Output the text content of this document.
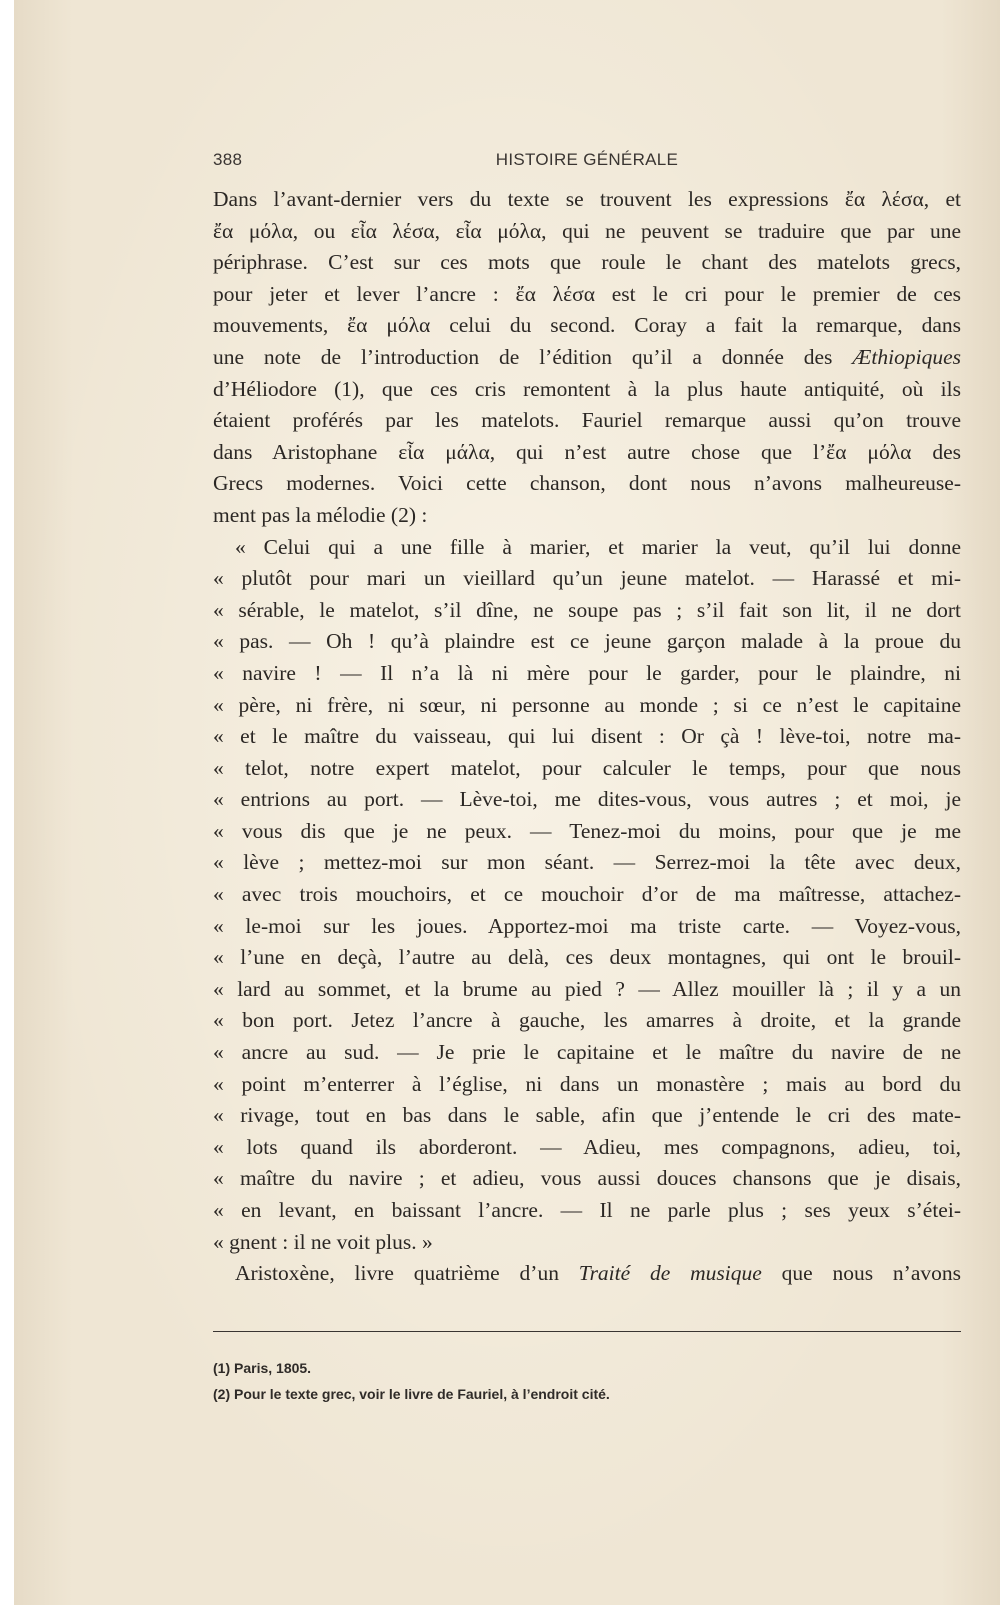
388	HISTOIRE GÉNÉRALE
Dans l’avant-dernier vers du texte se trouvent les expressions ἔα λέσα, et
ἔα μόλα, ou εἶα λέσα, εἶα μόλα, qui ne peuvent se traduire que par une
périphrase. C’est sur ces mots que roule le chant des matelots grecs,
pour jeter et lever l’ancre : ἔα λέσα est le cri pour le premier de ces
mouvements, ἔα μόλα celui du second. Coray a fait la remarque, dans
une note de l’introduction de l’édition qu’il a donnée des Æthiopiques
d’Héliodore (1), que ces cris remontent à la plus haute antiquité, où ils
étaient proférés par les matelots. Fauriel remarque aussi qu’on trouve
dans Aristophane εἶα μάλα, qui n’est autre chose que l’ἔα μόλα des
Grecs modernes. Voici cette chanson, dont nous n’avons malheureuse-
ment pas la mélodie (2) :
« Celui qui a une fille à marier, et marier la veut, qu’il lui donne
« plutôt pour mari un vieillard qu’un jeune matelot. — Harassé et mi-
« sérable, le matelot, s’il dîne, ne soupe pas ; s’il fait son lit, il ne dort
« pas. — Oh ! qu’à plaindre est ce jeune garçon malade à la proue du
« navire ! — Il n’a là ni mère pour le garder, pour le plaindre, ni
« père, ni frère, ni sœur, ni personne au monde ; si ce n’est le capitaine
« et le maître du vaisseau, qui lui disent : Or çà ! lève-toi, notre ma-
« telot, notre expert matelot, pour calculer le temps, pour que nous
« entrions au port. — Lève-toi, me dites-vous, vous autres ; et moi, je
« vous dis que je ne peux. — Tenez-moi du moins, pour que je me
« lève ; mettez-moi sur mon séant. — Serrez-moi la tête avec deux,
« avec trois mouchoirs, et ce mouchoir d’or de ma maîtresse, attachez-
« le-moi sur les joues. Apportez-moi ma triste carte. — Voyez-vous,
« l’une en deçà, l’autre au delà, ces deux montagnes, qui ont le brouil-
« lard au sommet, et la brume au pied ? — Allez mouiller là ; il y a un
« bon port. Jetez l’ancre à gauche, les amarres à droite, et la grande
« ancre au sud. — Je prie le capitaine et le maître du navire de ne
« point m’enterrer à l’église, ni dans un monastère ; mais au bord du
« rivage, tout en bas dans le sable, afin que j’entende le cri des mate-
« lots quand ils aborderont. — Adieu, mes compagnons, adieu, toi,
« maître du navire ; et adieu, vous aussi douces chansons que je disais,
« en levant, en baissant l’ancre. — Il ne parle plus ; ses yeux s’étei-
« gnent : il ne voit plus. »
Aristoxène, livre quatrième d’un Traité de musique que nous n’avons
(1) Paris, 1805.
(2) Pour le texte grec, voir le livre de Fauriel, à l’endroit cité.
